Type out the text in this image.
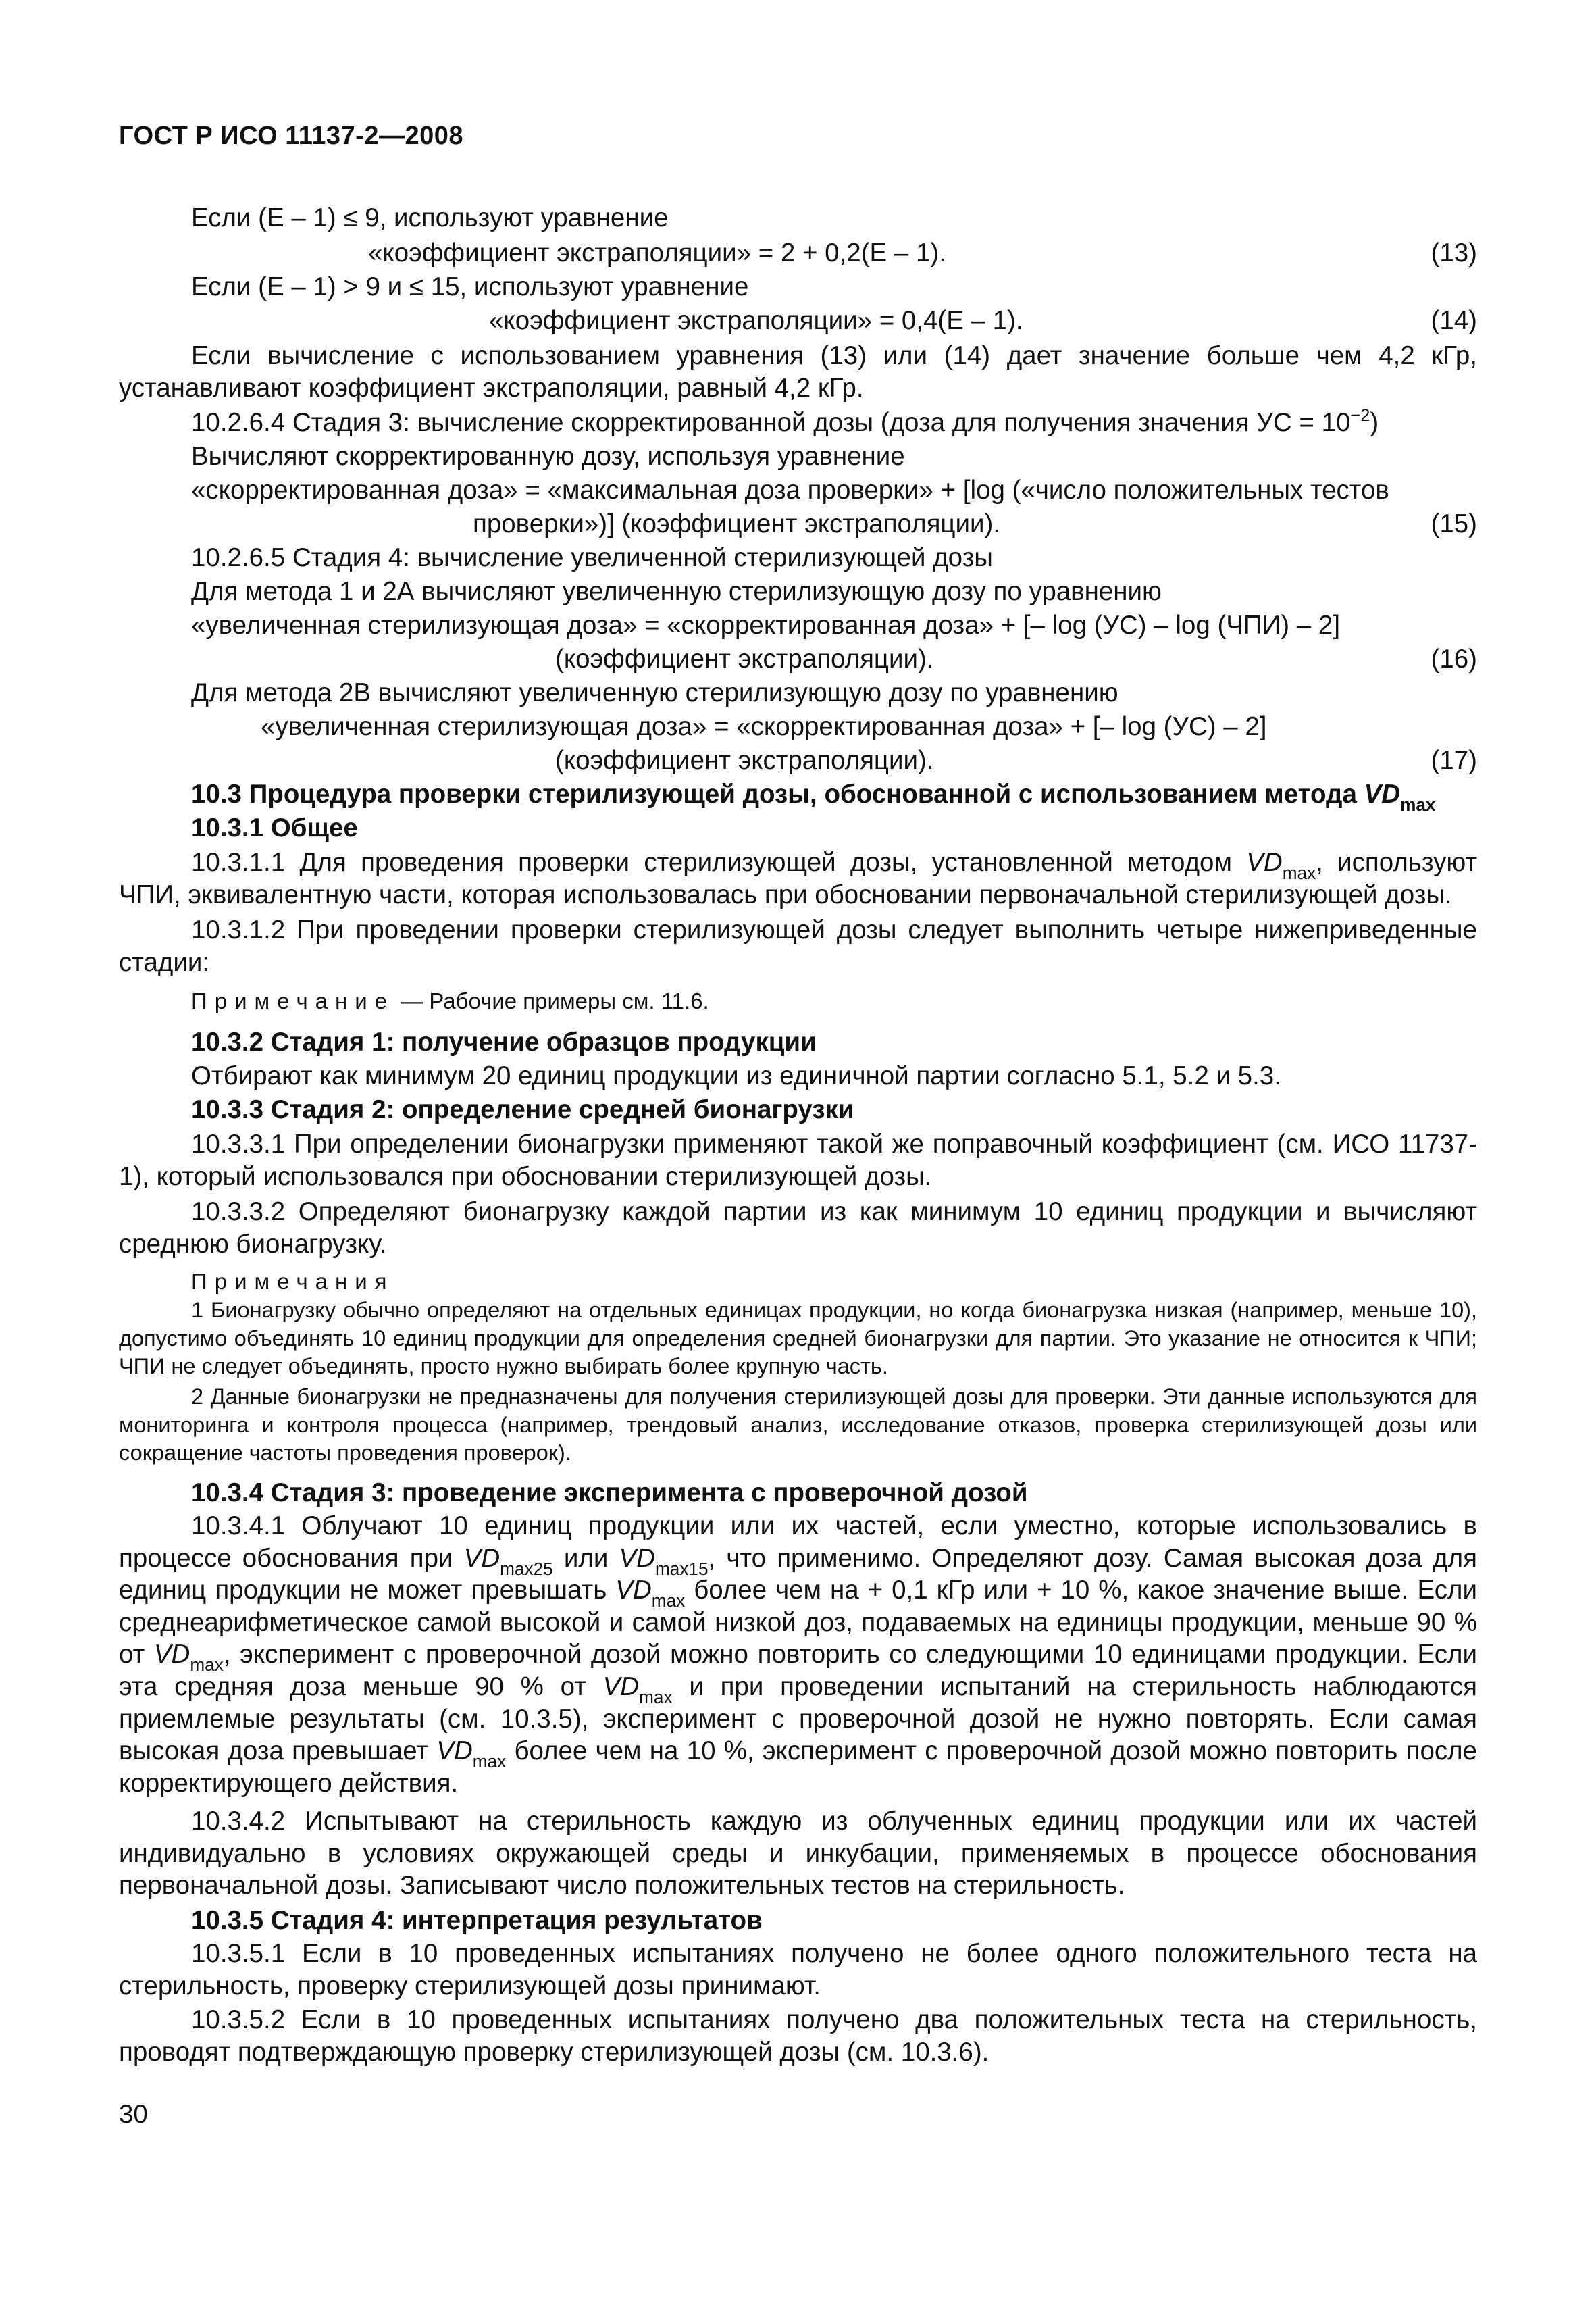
ГОСТ Р ИСО 11137-2—2008
Если (E – 1) ≤ 9, используют уравнение
«коэффициент экстраполяции» = 2 + 0,2(E – 1).	(13)
Если (E – 1) > 9 и ≤ 15, используют уравнение
«коэффициент экстраполяции» = 0,4(E – 1).	(14)
Если вычисление с использованием уравнения (13) или (14) дает значение больше чем 4,2 кГр, устанавливают коэффициент экстраполяции, равный 4,2 кГр.
10.2.6.4 Стадия 3: вычисление скорректированной дозы (доза для получения значения УС = $10^{-2}$)
Вычисляют скорректированную дозу, используя уравнение
«скорректированная доза» = «максимальная доза проверки» + [log («число положительных тестов
проверки»)] (коэффициент экстраполяции).	(15)
10.2.6.5 Стадия 4: вычисление увеличенной стерилизующей дозы
Для метода 1 и 2А вычисляют увеличенную стерилизующую дозу по уравнению
«увеличенная стерилизующая доза» = «скорректированная доза» + [– log (УС) – log (ЧПИ) – 2]
(коэффициент экстраполяции).	(16)
Для метода 2В вычисляют увеличенную стерилизующую дозу по уравнению
«увеличенная стерилизующая доза» = «скорректированная доза» + [– log (УС) – 2]
(коэффициент экстраполяции).	(17)
10.3 Процедура проверки стерилизующей дозы, обоснованной с использованием метода $VD_{max}$
10.3.1 Общее
10.3.1.1 Для проведения проверки стерилизующей дозы, установленной методом $VD_{max}$, используют ЧПИ, эквивалентную части, которая использовалась при обосновании первоначальной стерилизующей дозы.
10.3.1.2 При проведении проверки стерилизующей дозы следует выполнить четыре нижеприведенные стадии:
Примечание — Рабочие примеры см. 11.6.
10.3.2 Стадия 1: получение образцов продукции
Отбирают как минимум 20 единиц продукции из единичной партии согласно 5.1, 5.2 и 5.3.
10.3.3 Стадия 2: определение средней бионагрузки
10.3.3.1 При определении бионагрузки применяют такой же поправочный коэффициент (см. ИСО 11737-1), который использовался при обосновании стерилизующей дозы.
10.3.3.2 Определяют бионагрузку каждой партии из как минимум 10 единиц продукции и вычисляют среднюю бионагрузку.
Примечания
1 Бионагрузку обычно определяют на отдельных единицах продукции, но когда бионагрузка низкая (например, меньше 10), допустимо объединять 10 единиц продукции для определения средней бионагрузки для партии. Это указание не относится к ЧПИ; ЧПИ не следует объединять, просто нужно выбирать более крупную часть.
2 Данные бионагрузки не предназначены для получения стерилизующей дозы для проверки. Эти данные используются для мониторинга и контроля процесса (например, трендовый анализ, исследование отказов, проверка стерилизующей дозы или сокращение частоты проведения проверок).
10.3.4 Стадия 3: проведение эксперимента с проверочной дозой
10.3.4.1 Облучают 10 единиц продукции или их частей, если уместно, которые использовались в процессе обоснования при $VD_{max25}$ или $VD_{max15}$, что применимо. Определяют дозу. Самая высокая доза для единиц продукции не может превышать $VD_{max}$ более чем на + 0,1 кГр или + 10 %, какое значение выше. Если среднеарифметическое самой высокой и самой низкой доз, подаваемых на единицы продукции, меньше 90 % от $VD_{max}$, эксперимент с проверочной дозой можно повторить со следующими 10 единицами продукции. Если эта средняя доза меньше 90 % от $VD_{max}$ и при проведении испытаний на стерильность наблюдаются приемлемые результаты (см. 10.3.5), эксперимент с проверочной дозой не нужно повторять. Если самая высокая доза превышает $VD_{max}$ более чем на 10 %, эксперимент с проверочной дозой можно повторить после корректирующего действия.
10.3.4.2 Испытывают на стерильность каждую из облученных единиц продукции или их частей индивидуально в условиях окружающей среды и инкубации, применяемых в процессе обоснования первоначальной дозы. Записывают число положительных тестов на стерильность.
10.3.5 Стадия 4: интерпретация результатов
10.3.5.1 Если в 10 проведенных испытаниях получено не более одного положительного теста на стерильность, проверку стерилизующей дозы принимают.
10.3.5.2 Если в 10 проведенных испытаниях получено два положительных теста на стерильность, проводят подтверждающую проверку стерилизующей дозы (см. 10.3.6).
30
